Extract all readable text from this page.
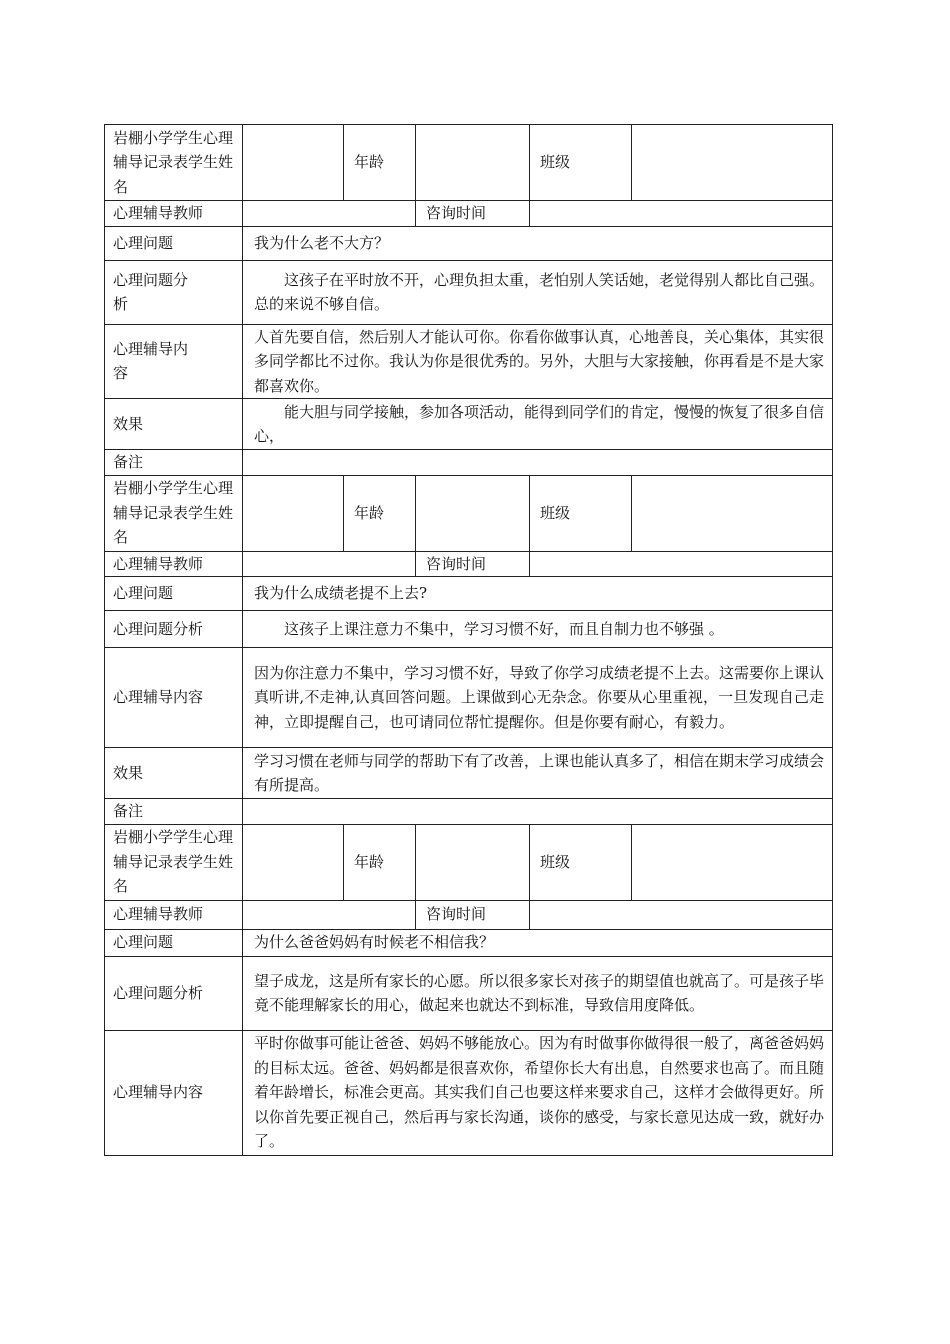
岩棚小学学生心理辅导记录表学生姓名		年龄		班级	
心理辅导教师			咨询时间		
心理问题	我为什么老不大方？				
心理问题分析	这孩子在平时放不开，心理负担太重，老怕别人笑话她，老觉得别人都比自己强。总的来说不够自信。				
心理辅导内容	人首先要自信，然后别人才能认可你。你看你做事认真，心地善良，关心集体，其实很多同学都比不过你。我认为你是很优秀的。另外，大胆与大家接触，你再看是不是大家都喜欢你。				
效果	能大胆与同学接触，参加各项活动，能得到同学们的肯定，慢慢的恢复了很多自信心，				
备注					
岩棚小学学生心理辅导记录表学生姓名		年龄		班级	
心理辅导教师			咨询时间		
心理问题	我为什么成绩老提不上去?				
心理问题分析	这孩子上课注意力不集中，学习习惯不好，而且自制力也不够强 。				
心理辅导内容	因为你注意力不集中，学习习惯不好，导致了你学习成绩老提不上去。这需要你上课认真听讲,不走神,认真回答问题。上课做到心无杂念。你要从心里重视，一旦发现自己走神，立即提醒自己，也可请同位帮忙提醒你。但是你要有耐心，有毅力。				
效果	学习习惯在老师与同学的帮助下有了改善，上课也能认真多了，相信在期末学习成绩会有所提高。				
备注					
岩棚小学学生心理辅导记录表学生姓名		年龄		班级	
心理辅导教师			咨询时间		
心理问题	为什么爸爸妈妈有时候老不相信我？				
心理问题分析	望子成龙，这是所有家长的心愿。所以很多家长对孩子的期望值也就高了。可是孩子毕竟不能理解家长的用心，做起来也就达不到标准，导致信用度降低。				
心理辅导内容	平时你做事可能让爸爸、妈妈不够能放心。因为有时做事你做得很一般了，离爸爸妈妈的目标太远。爸爸、妈妈都是很喜欢你，希望你长大有出息，自然要求也高了。而且随着年龄增长，标准会更高。其实我们自己也要这样来要求自己，这样才会做得更好。所以你首先要正视自己，然后再与家长沟通，谈你的感受，与家长意见达成一致，就好办了。				
